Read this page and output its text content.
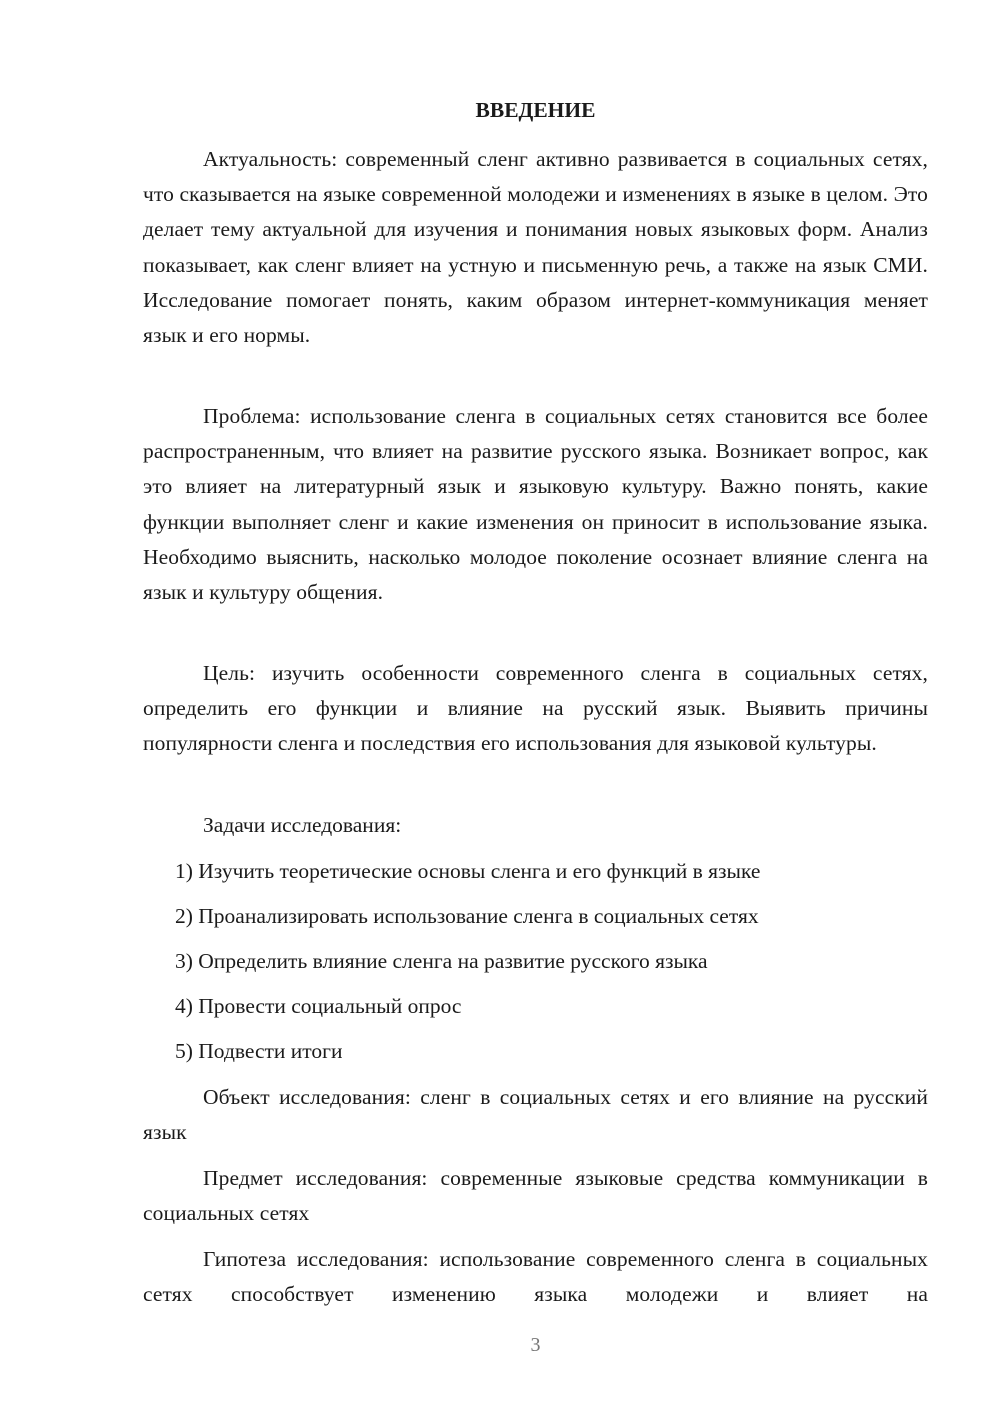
ВВЕДЕНИЕ

Актуальность: современный сленг активно развивается в социальных сетях, что сказывается на языке современной молодежи и изменениях в языке в целом. Это делает тему актуальной для изучения и понимания новых языковых форм. Анализ показывает, как сленг влияет на устную и письменную речь, а также на язык СМИ. Исследование помогает понять, каким образом интернет-коммуникация меняет язык и его нормы.

Проблема: использование сленга в социальных сетях становится все более распространенным, что влияет на развитие русского языка. Возникает вопрос, как это влияет на литературный язык и языковую культуру. Важно понять, какие функции выполняет сленг и какие изменения он приносит в использование языка. Необходимо выяснить, насколько молодое поколение осознает влияние сленга на язык и культуру общения.

Цель: изучить особенности современного сленга в социальных сетях, определить его функции и влияние на русский язык. Выявить причины популярности сленга и последствия его использования для языковой культуры.

Задачи исследования:

1) Изучить теоретические основы сленга и его функций в языке

2) Проанализировать использование сленга в социальных сетях

3) Определить влияние сленга на развитие русского языка

4) Провести социальный опрос

5) Подвести итоги

Объект исследования: сленг в социальных сетях и его влияние на русский язык

Предмет исследования: современные языковые средства коммуникации в социальных сетях

Гипотеза исследования: использование современного сленга в социальных сетях способствует изменению языка молодежи и влияет на

3
